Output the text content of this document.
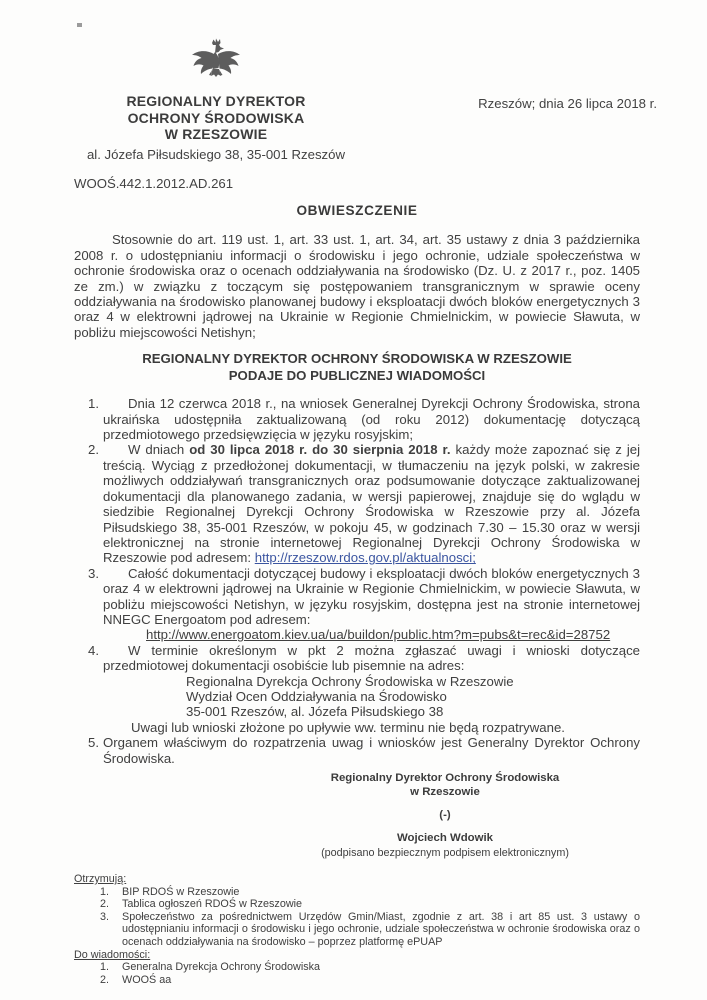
REGIONALNY DYREKTOR
OCHRONY ŚRODOWISKA
W RZESZOWIE
al. Józefa Piłsudskiego 38, 35-001 Rzeszów
Rzeszów; dnia 26 lipca 2018 r.
WOOŚ.442.1.2012.AD.261
OBWIESZCZENIE

Stosownie do art. 119 ust. 1, art. 33 ust. 1, art. 34, art. 35 ustawy z dnia 3 października 2008 r. o udostępnianiu informacji o środowisku i jego ochronie, udziale społeczeństwa w ochronie środowiska oraz o ocenach oddziaływania na środowisko (Dz. U. z 2017 r., poz. 1405 ze zm.) w związku z toczącym się postępowaniem transgranicznym w sprawie oceny oddziaływania na środowisko planowanej budowy i eksploatacji dwóch bloków energetycznych 3 oraz 4 w elektrowni jądrowej na Ukrainie w Regionie Chmielnickim, w powiecie Sławuta, w pobliżu miejscowości Netishyn;

REGIONALNY DYREKTOR OCHRONY ŚRODOWISKA W RZESZOWIE
PODAJE DO PUBLICZNEJ WIADOMOŚCI
1.	Dnia 12 czerwca 2018 r., na wniosek Generalnej Dyrekcji Ochrony Środowiska, strona ukraińska udostępniła zaktualizowaną (od roku 2012) dokumentację dotyczącą przedmiotowego przedsięwzięcia w języku rosyjskim;
2.	W dniach od 30 lipca 2018 r. do 30 sierpnia 2018 r. każdy może zapoznać się z jej treścią. Wyciąg z przedłożonej dokumentacji, w tłumaczeniu na język polski, w zakresie możliwych oddziaływań transgranicznych oraz podsumowanie dotyczące zaktualizowanej dokumentacji dla planowanego zadania, w wersji papierowej, znajduje się do wglądu w siedzibie Regionalnej Dyrekcji Ochrony Środowiska w Rzeszowie przy al. Józefa Piłsudskiego 38, 35-001 Rzeszów, w pokoju 45, w godzinach 7.30 – 15.30 oraz w wersji elektronicznej na stronie internetowej Regionalnej Dyrekcji Ochrony Środowiska w Rzeszowie pod adresem: http://rzeszow.rdos.gov.pl/aktualnosci;
3.	Całość dokumentacji dotyczącej budowy i eksploatacji dwóch bloków energetycznych 3 oraz 4 w elektrowni jądrowej na Ukrainie w Regionie Chmielnickim, w powiecie Sławuta, w pobliżu miejscowości Netishyn, w języku rosyjskim, dostępna jest na stronie internetowej NNEGC Energoatom pod adresem:
http://www.energoatom.kiev.ua/ua/buildon/public.htm?m=pubs&t=rec&id=28752
4.	W terminie określonym w pkt 2 można zgłaszać uwagi i wnioski dotyczące przedmiotowej dokumentacji osobiście lub pisemnie na adres:
Regionalna Dyrekcja Ochrony Środowiska w Rzeszowie
Wydział Ocen Oddziaływania na Środowisko
35-001 Rzeszów, al. Józefa Piłsudskiego 38
Uwagi lub wnioski złożone po upływie ww. terminu nie będą rozpatrywane.
5. Organem właściwym do rozpatrzenia uwag i wniosków jest Generalny Dyrektor Ochrony Środowiska.
Regionalny Dyrektor Ochrony Środowiska
w Rzeszowie
(-)
Wojciech Wdowik
(podpisano bezpiecznym podpisem elektronicznym)
Otrzymują:
1.	BIP RDOŚ w Rzeszowie
2.	Tablica ogłoszeń RDOŚ w Rzeszowie
3.	Społeczeństwo za pośrednictwem Urzędów Gmin/Miast, zgodnie z art. 38 i art 85 ust. 3 ustawy o udostępnianiu informacji o środowisku i jego ochronie, udziale społeczeństwa w ochronie środowiska oraz o ocenach oddziaływania na środowisko – poprzez platformę ePUAP
Do wiadomości:
1.	Generalna Dyrekcja Ochrony Środowiska
2.	WOOŚ aa
